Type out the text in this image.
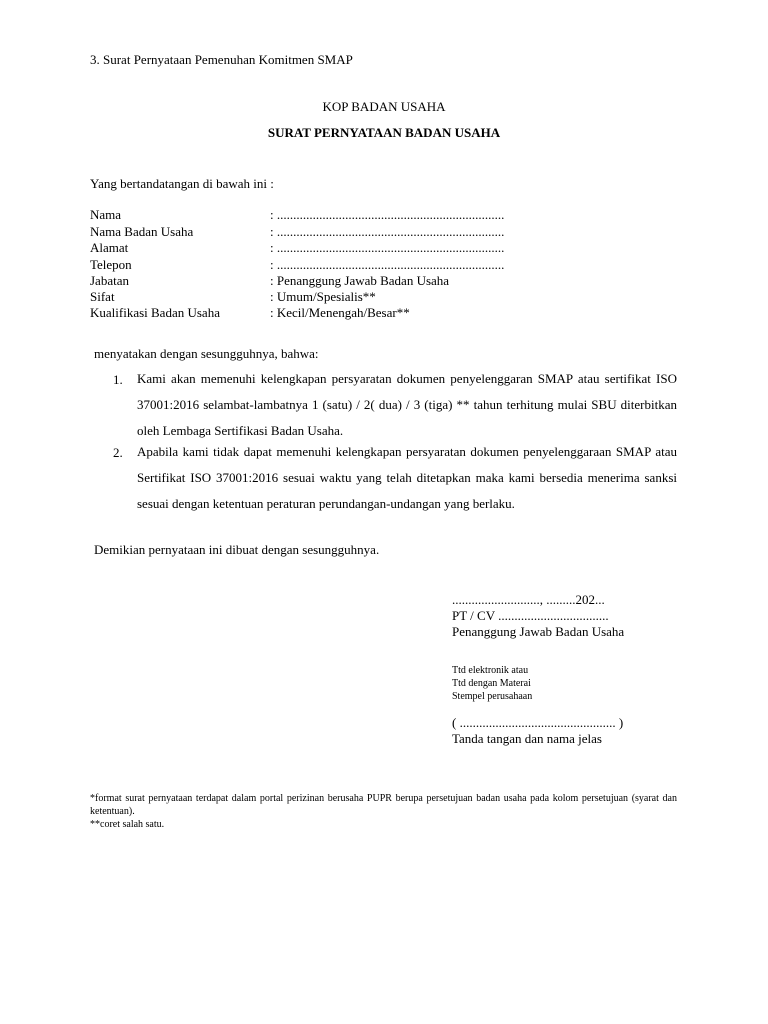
3. Surat Pernyataan Pemenuhan Komitmen SMAP
KOP BADAN USAHA
SURAT PERNYATAAN BADAN USAHA
Yang bertandatangan di bawah ini :
Nama	: ......................................................................
Nama Badan Usaha	: ......................................................................
Alamat	: ......................................................................
Telepon	: ......................................................................
Jabatan	: Penanggung Jawab Badan Usaha
Sifat	: Umum/Spesialis**
Kualifikasi Badan Usaha	: Kecil/Menengah/Besar**
menyatakan dengan sesungguhnya, bahwa:
1. Kami akan memenuhi kelengkapan persyaratan dokumen penyelenggaran SMAP atau sertifikat ISO 37001:2016 selambat-lambatnya 1 (satu) / 2( dua) / 3 (tiga) ** tahun terhitung mulai SBU diterbitkan oleh Lembaga Sertifikasi Badan Usaha.
2. Apabila kami tidak dapat memenuhi kelengkapan persyaratan dokumen penyelenggaraan SMAP atau Sertifikat ISO 37001:2016 sesuai waktu yang telah ditetapkan maka kami bersedia menerima sanksi sesuai dengan ketentuan peraturan perundangan-undangan yang berlaku.
Demikian pernyataan ini dibuat dengan sesungguhnya.
..........................., .........202...
PT / CV ..................................
Penanggung Jawab Badan Usaha
Ttd elektronik atau
Ttd dengan Materai
Stempel perusahaan
( ................................................ )
Tanda tangan dan nama jelas
*format surat pernyataan terdapat dalam portal perizinan berusaha PUPR berupa persetujuan badan usaha pada kolom persetujuan (syarat dan ketentuan).
**coret salah satu.
